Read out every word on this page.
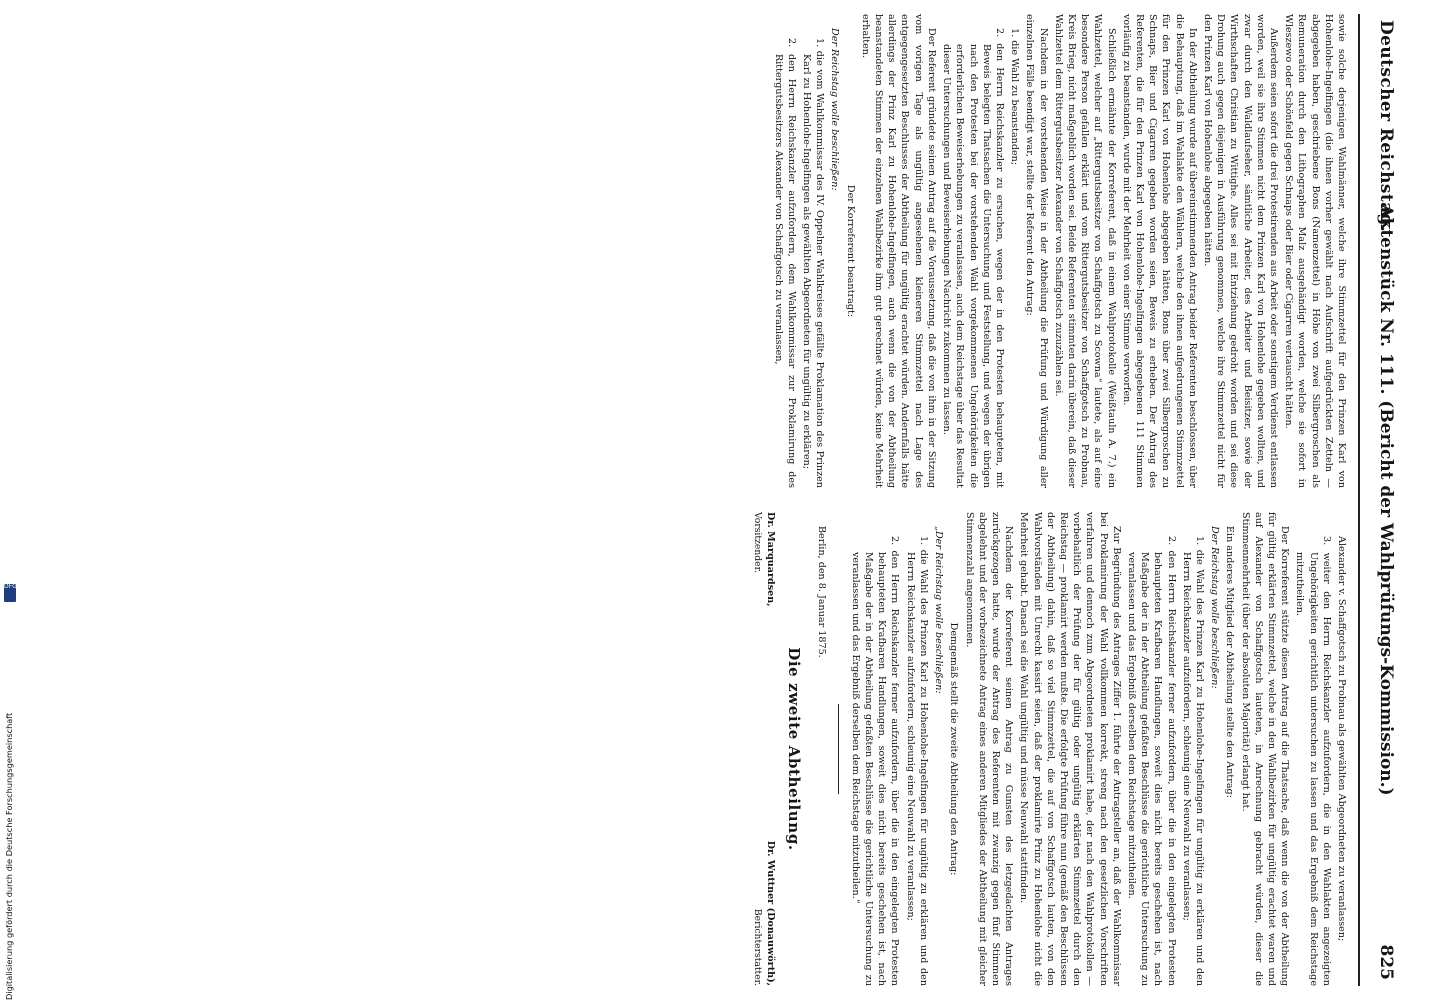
Deutscher Reichstag.
Aktenstück Nr. 111. (Bericht der Wahlprüfungs-Kommission.)
825

sowie solche derjenigen Wahlmänner, welche ihre Stimmzettel für den Prinzen Karl von Hohenlohe-Ingelfingen (die ihnen vorher gewählt nach Aufschrift aufgedrückten Zetteln — abgegeben haben, geschriebene Bons (Namenzettel) in Höhe von zwei Silbergroschen als Remuneration durch den Lithographen Malz ausgehändigt worden, welche sie sofort in Wleszewo oder Schönfeld gegen Schnaps oder Bier oder Cigarren vertauscht hätten.

Außerdem seien sofort die drei Protestirenden aus Arbeit oder sonstigem Verdienst entlassen worden, weil sie ihre Stimmen nicht dem Prinzen Karl von Hohenlohe gegeben wollten, und zwar durch den Waldlaufseher, sämtliche Arbeiter, des Arbeiter und Beisitzer, sowie der Wirthschaften Christian zu Wittighe. Alles sei mit Entziehung gedroht worden und sei diese Drohung auch gegen diejenigen in Ausführung genommen, welche ihre Stimmzettel nicht für den Prinzen Karl von Hohenlohe abgegeben hätten.

In der Abtheilung wurde auf übereinstimmenden Antrag beider Referenten beschlossen, über die Behauptung, daß im Wahlakte den Wählern, welche den ihnen aufgedrungenen Stimmzettel für den Prinzen Karl von Hohenlohe abgegeben hätten, Bons über zwei Silbergroschen zu Schnaps, Bier und Cigarren gegeben worden seien, Beweis zu erheben. Der Antrag des Referenten, die für den Prinzen Karl von Hohenlohe-Ingelfingen abgegebenen 111 Stimmen vorläufig zu beanstanden, wurde mit der Mehrheit von einer Stimme verworfen.

Schließlich ermähnte der Korreferent, daß in einem Wahlprotokolle (Weißtauln A. 7.) ein Wahlzettel, welcher auf „Rittergutsbesitzer von Schaffgotsch zu Scowna“ lautete, als auf eine besondere Person gefallen erklärt und vom Rittergutsbesitzer von Schaffgotsch zu Probnau, Kreis Brieg, nicht maßgeblich worden sei. Beide Referenten stimmten darin überein, daß dieser Wahlzettel dem Rittergutsbesitzer Alexander von Schaffgotsch zuzuzählen sei.

Nachdem in der vorstehenden Weise in der Abtheilung die Prüfung und Würdigung aller einzelnen Fälle beendigt war, stellte der Referent den Antrag:

1. die Wahl zu beanstanden;
2. den Herrn Reichskanzler zu ersuchen, wegen der in den Protesten behaupteten, mit Beweis belegten Thatsachen die Untersuchung und Feststellung, und wegen der übrigen nach den Protesten bei der vorstehenden Wahl vorgekommenen Ungehörigkeiten die erforderlichen Beweiserhebungen zu veranlassen, auch dem Reichstage über das Resultat dieser Untersuchungen und Beweiserhebungen Nachricht zukommen zu lassen.

Der Referent gründete seinen Antrag auf die Voraussetzung, daß die von ihm in der Sitzung vom vorigen Tage als ungültig angesehenen kleineren Stimmzettel nach Lage des entgegengesetzten Beschlusses der Abtheilung für ungültig erachtet würden. Andernfalls hätte allerdings der Prinz Karl zu Hohenlohe-Ingelfingen, auch wenn die von der Abtheilung beanstandeten Stimmen der einzelnen Wahlbezirke ihm gut gerechnet würden, keine Mehrheit erhalten.

Der Korreferent beantragt:

Der Reichstag wolle beschließen:

1. die vom Wahlkommissar des IV. Oppelner Wahlkreises gefällte Proklamation des Prinzen Karl zu Hohenlohe-Ingelfingen als gewählten Abgeordneten für ungültig zu erklären;
2. den Herrn Reichskanzler aufzufordern, dem Wahlkommissar zur Proklamirung des Rittergutsbesitzers Alexander von Schaffgotsch zu veranlassen,
Alexander v. Schaffgotsch zu Probnau als gewählten Abgeordneten zu veranlassen;
3. weiter den Herrn Reichskanzler aufzufordern, die in den Wahlakten angezeigten Ungehörigkeiten gerichtlich untersuchen zu lassen und das Ergebniß dem Reichstage mitzutheilen.

Der Korreferent stützte diesen Antrag auf die Thatsache, daß wenn die von der Abtheilung für gültig erklärten Stimmzettel, welche in den Wahlbezirken für ungültig erachtet waren und auf Alexander von Schaffgotsch lauteten, in Anrechnung gebracht würden, dieser die Stimmenmehrheit (über der absoluten Majorität) erlangt hat.

Ein anderes Mitglied der Abtheilung stellte den Antrag:

Der Reichstag wolle beschließen:

1. die Wahl des Prinzen Karl zu Hohenlohe-Ingelfingen für ungültig zu erklären und den Herrn Reichskanzler aufzufordern, schleunig eine Neuwahl zu veranlassen;
2. den Herrn Reichskanzler ferner aufzufordern, über die in den eingelegten Protesten behaupteten Krafbaren Handlungen, soweit dies nicht bereits geschehen ist, nach Maßgabe der in der Abtheilung gefaßten Beschlüsse die gerichtliche Untersuchung zu veranlassen und das Ergebniß derselben dem Reichstage mitzutheilen.

Zur Begründung des Antrages Ziffer 1. führte der Antragsteller an, daß der Wahlkommissar bei Proklamirung der Wahl vollkommen korrekt, streng nach den gesetzlichen Vorschriften verfahren und dennoch zum Abgeordneten proklamirt habe, der nach den Wahlprotokollen — vorbehaltlich der Prüfung der für gültig oder ungültig erklärten Stimmzettel durch den Reichstag — proklamirt werden mußte. Die erfolgte Prüfung führe nun (gemäß den Beschlüssen der Abtheilung) dahin, daß so viel Stimmzettel, die auf von Schaffgotsch lauten, von den Wahlvorständen mit Unrecht kassirt seien, daß der proklamirte Prinz zu Hohenlohe nicht die Mehrheit gehabt. Danach sei die Wahl ungültig und müsse Neuwahl stattfinden.

Nachdem der Korreferent seinen Antrag zu Gunsten des letzgedachten Antrages zurückgezogen hatte, wurde der Antrag des Referenten mit zwanzig gegen fünf Stimmen abgelehnt und der vorbezeichnete Antrag eines anderen Mitgliedes der Abtheilung mit gleicher Stimmenzahl angenommen.

Demgemäß stellt die zweite Abtheilung den Antrag:

„Der Reichstag wolle beschließen:

1. die Wahl des Prinzen Karl zu Hohenlohe-Ingelfingen für ungültig zu erklären und den Herrn Reichskanzler aufzufordern, schleunig eine Neuwahl zu veranlassen;
2. den Herrn Reichskanzler ferner aufzufordern, über die in den eingelegten Protesten behaupteten Krafbaren Handlungen, soweit dies nicht bereits geschehen ist, nach Maßgabe der in der Abtheilung gefaßten Beschlüsse die gerichtliche Untersuchung zu veranlassen und das Ergebniß derselben dem Reichstage mitzutheilen.“

Berlin, den 8. Januar 1875.

Die zweite Abtheilung.
Dr. Marquardsen,
Vorsitzender.
Dr. Wuttner (Donauwörth),
Berichterstatter.
DFG
Digitalisierung gefördert durch die Deutsche Forschungsgemeinschaft
